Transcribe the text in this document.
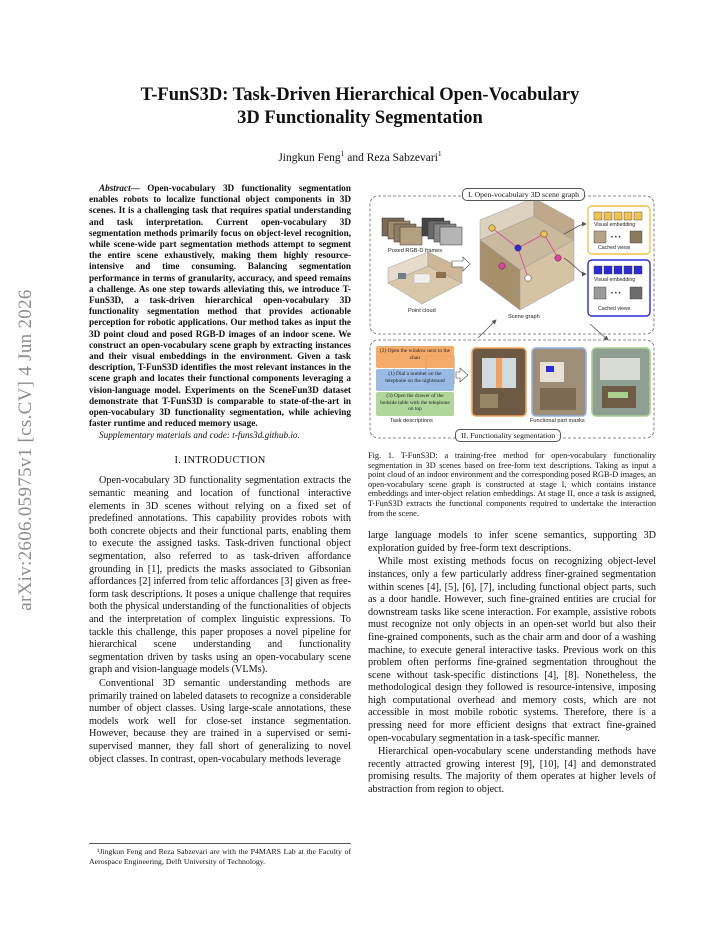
arXiv:2606.05975v1 [cs.CV] 4 Jun 2026
T-FunS3D: Task-Driven Hierarchical Open-Vocabulary
3D Functionality Segmentation
Jingkun Feng$^1$ and Reza Sabzevari$^1$

Abstract— Open-vocabulary 3D functionality segmentation enables robots to localize functional object components in 3D scenes. It is a challenging task that requires spatial understanding and task interpretation. Current open-vocabulary 3D segmentation methods primarily focus on object-level recognition, while scene-wide part segmentation methods attempt to segment the entire scene exhaustively, making them highly resource-intensive and time consuming. Balancing segmentation performance in terms of granularity, accuracy, and speed remains a challenge. As one step towards alleviating this, we introduce T-FunS3D, a task-driven hierarchical open-vocabulary 3D functionality segmentation method that provides actionable perception for robotic applications. Our method takes as input the 3D point cloud and posed RGB-D images of an indoor scene. We construct an open-vocabulary scene graph by extracting instances and their visual embeddings in the environment. Given a task description, T-FunS3D identifies the most relevant instances in the scene graph and locates their functional components leveraging a vision-language model. Experiments on the SceneFun3D dataset demonstrate that T-FunS3D is comparable to state-of-the-art in open-vocabulary 3D functionality segmentation, while achieving faster runtime and reduced memory usage.

Supplementary materials and code: t-funs3d.github.io.
I. INTRODUCTION

Open-vocabulary 3D functionality segmentation extracts the semantic meaning and location of functional interactive elements in 3D scenes without relying on a fixed set of predefined annotations. This capability provides robots with both concrete objects and their functional parts, enabling them to execute the assigned tasks. Task-driven functional object segmentation, also referred to as task-driven affordance grounding in [1], predicts the masks associated to Gibsonian affordances [2] inferred from telic affordances [3] given as free-form task descriptions. It poses a unique challenge that requires both the physical understanding of the functionalities of objects and the interpretation of complex linguistic expressions. To tackle this challenge, this paper proposes a novel pipeline for hierarchical scene understanding and functionality segmentation driven by tasks using an open-vocabulary scene graph and vision-language models (VLMs).

Conventional 3D semantic understanding methods are primarily trained on labeled datasets to recognize a considerable number of object classes. Using large-scale annotations, these models work well for close-set instance segmentation. However, because they are trained in a supervised or semi-supervised manner, they fall short of generalizing to novel object classes. In contrast, open-vocabulary methods leverage

¹Jingkun Feng and Reza Sabzevari are with the P4MARS Lab at the Faculty of Aerospace Engineering, Delft University of Technology.

• • •
• • •
I. Open-vocabulary 3D scene graph
II. Functionality segmentation
Posed RGB-D frames
Point cloud
Scene graph
Visual embedding
Cached views
Visual embedding
Cached views
(2) Open the window next to the chair
(1) Dial a number on the telephone on the nightstand
(3) Open the drawer of the bedside table with the telephone on top
Task descriptions	Functional part masks
Fig. 1. T-FunS3D: a training-free method for open-vocabulary functionality segmentation in 3D scenes based on free-form text descriptions. Taking as input a point cloud of an indoor environment and the corresponding posed RGB-D images, an open-vocabulary scene graph is constructed at stage I, which contains instance embeddings and inter-object relation embeddings. At stage II, once a task is assigned, T-FunS3D extracts the functional components required to undertake the interaction from the scene.

large language models to infer scene semantics, supporting 3D exploration guided by free-form text descriptions.

While most existing methods focus on recognizing object-level instances, only a few particularly address finer-grained segmentation within scenes [4], [5], [6], [7], including functional object parts, such as a door handle. However, such fine-grained entities are crucial for downstream tasks like scene interaction. For example, assistive robots must recognize not only objects in an open-set world but also their fine-grained components, such as the chair arm and door of a washing machine, to execute general interactive tasks. Previous work on this problem often performs fine-grained segmentation throughout the scene without task-specific distinctions [4], [8]. Nonetheless, the methodological design they followed is resource-intensive, imposing high computational overhead and memory costs, which are not accessible in most mobile robotic systems. Therefore, there is a pressing need for more efficient designs that extract fine-grained open-vocabulary segmentation in a task-specific manner.

Hierarchical open-vocabulary scene understanding methods have recently attracted growing interest [9], [10], [4] and demonstrated promising results. The majority of them operates at higher levels of abstraction from region to object.
